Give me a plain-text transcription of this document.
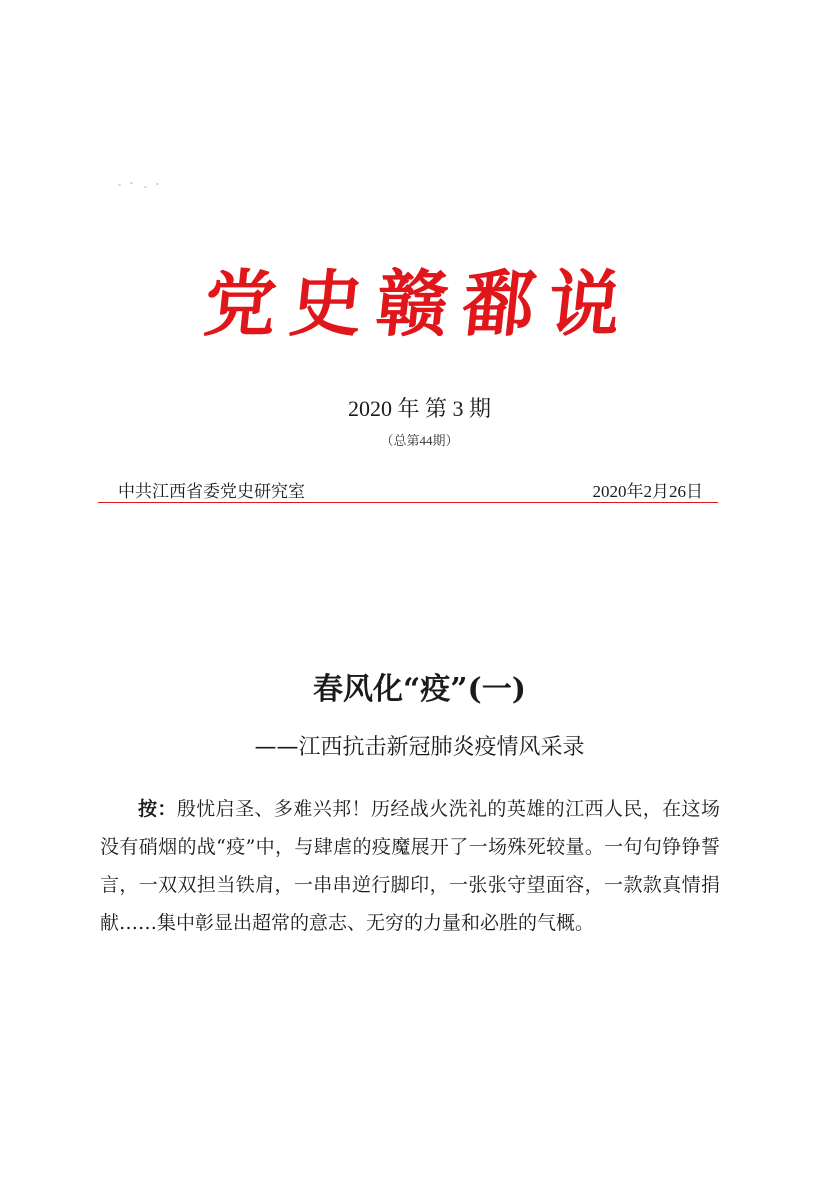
党史赣鄱说
2020 年 第 3 期
（总第44期）
中共江西省委党史研究室	2020年2月26日
春风化“疫”(一)
——江西抗击新冠肺炎疫情风采录

按：殷忧启圣、多难兴邦！历经战火洗礼的英雄的江西人民，在这场没有硝烟的战“疫”中，与肆虐的疫魔展开了一场殊死较量。一句句铮铮誓言，一双双担当铁肩，一串串逆行脚印，一张张守望面容，一款款真情捐献……集中彰显出超常的意志、无穷的力量和必胜的气概。
